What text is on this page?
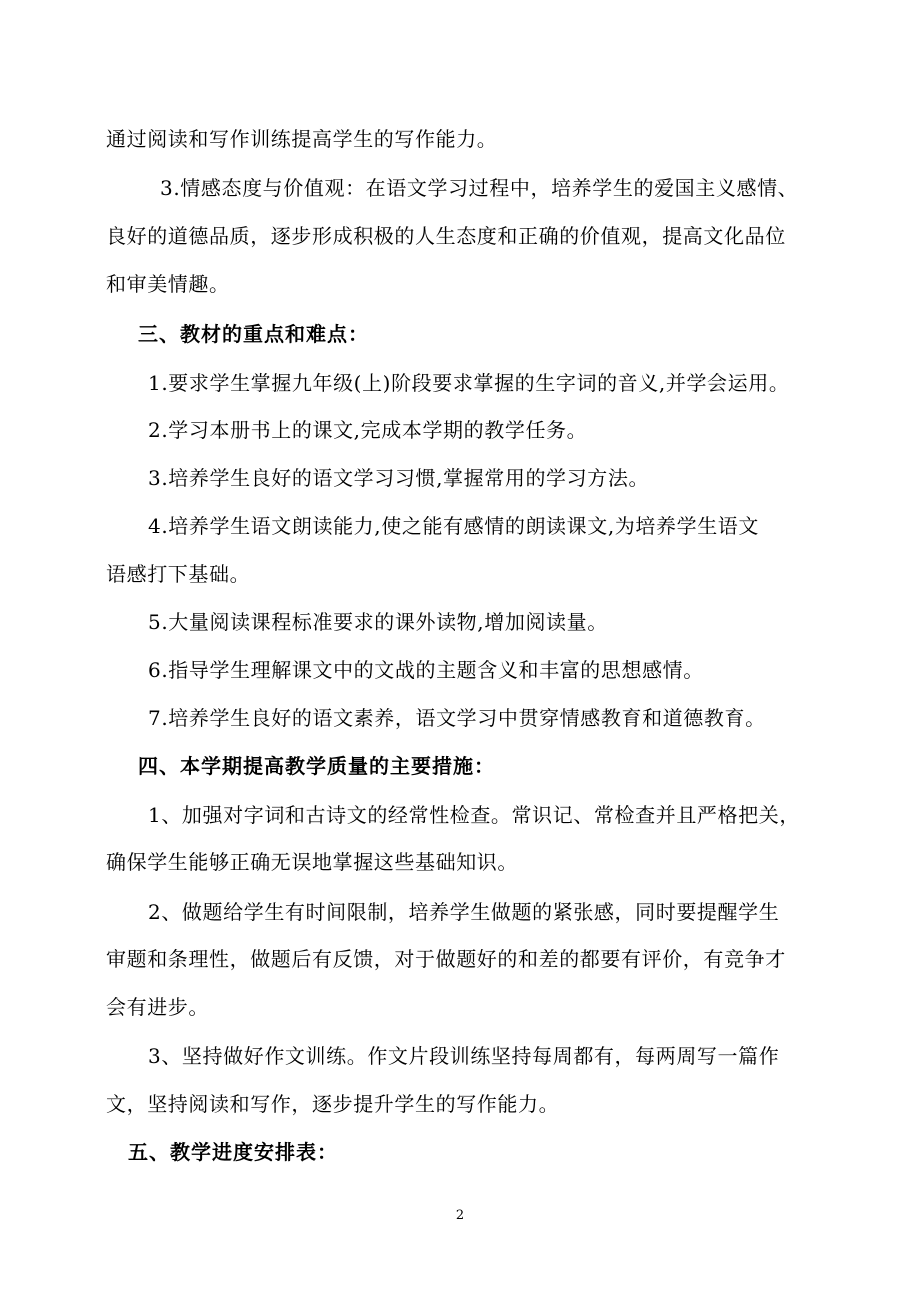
通过阅读和写作训练提高学生的写作能力。
3.情感态度与价值观：在语文学习过程中，培养学生的爱国主义感情、
良好的道德品质，逐步形成积极的人生态度和正确的价值观，提高文化品位
和审美情趣。
三、教材的重点和难点：
1.要求学生掌握九年级(上)阶段要求掌握的生字词的音义,并学会运用。
2.学习本册书上的课文,完成本学期的教学任务。
3.培养学生良好的语文学习习惯,掌握常用的学习方法。
4.培养学生语文朗读能力,使之能有感情的朗读课文,为培养学生语文
语感打下基础。
5.大量阅读课程标准要求的课外读物,增加阅读量。
6.指导学生理解课文中的文战的主题含义和丰富的思想感情。
7.培养学生良好的语文素养，语文学习中贯穿情感教育和道德教育。
四、本学期提高教学质量的主要措施：
1、加强对字词和古诗文的经常性检查。常识记、常检查并且严格把关，
确保学生能够正确无误地掌握这些基础知识。
2、做题给学生有时间限制，培养学生做题的紧张感，同时要提醒学生
审题和条理性，做题后有反馈，对于做题好的和差的都要有评价，有竞争才
会有进步。
3、坚持做好作文训练。作文片段训练坚持每周都有，每两周写一篇作
文，坚持阅读和写作，逐步提升学生的写作能力。
五、教学进度安排表：
2
